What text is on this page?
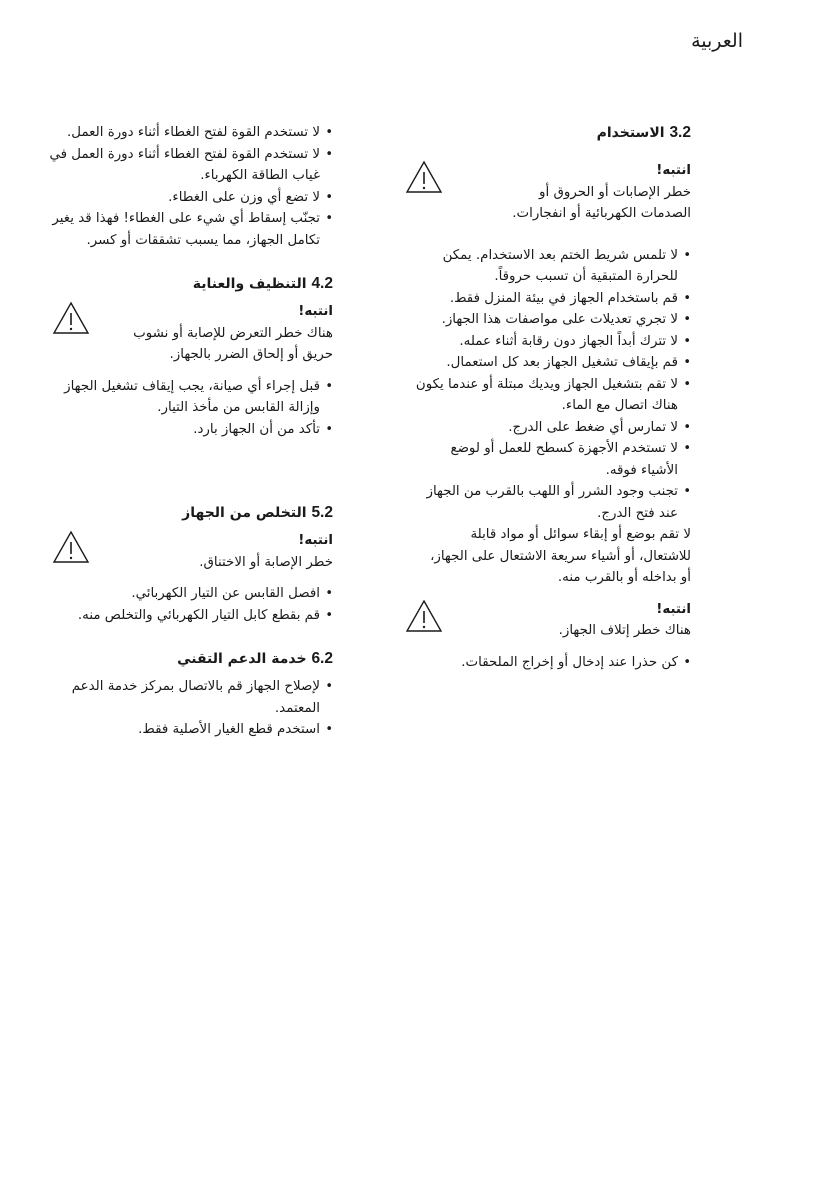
العربية
3.2 الاستخدام
انتبه!
خطر الإصابات أو الحروق أو
الصدمات الكهربائية أو انفجارات.
• لا تلمس شريط الختم بعد الاستخدام. يمكن
للحرارة المتبقية أن تسبب حروقاً.
• قم باستخدام الجهاز في بيئة المنزل فقط.
• لا تجري تعديلات على مواصفات هذا الجهاز.
• لا تترك أبداً الجهاز دون رقابة أثناء عمله.
• قم بإيقاف تشغيل الجهاز بعد كل استعمال.
• لا تقم بتشغيل الجهاز ويديك مبتلة أو عندما يكون
هناك اتصال مع الماء.
• لا تمارس أي ضغط على الدرج.
• لا تستخدم الأجهزة كسطح للعمل أو لوضع
الأشياء فوقه.
• تجنب وجود الشرر أو اللهب بالقرب من الجهاز
عند فتح الدرج.
لا تقم بوضع أو إبقاء سوائل أو مواد قابلة
للاشتعال، أو أشياء سريعة الاشتعال على الجهاز،
أو بداخله أو بالقرب منه.
انتبه!
هناك خطر إتلاف الجهاز.
• كن حذرا عند إدخال أو إخراج الملحقات.
• لا تستخدم القوة لفتح الغطاء أثناء دورة العمل.
• لا تستخدم القوة لفتح الغطاء أثناء دورة العمل في
غياب الطاقة الكهرباء.
• لا تضع أي وزن على الغطاء.
• تجنّب إسقاط أي شيء على الغطاء! فهذا قد يغير
تكامل الجهاز، مما يسبب تشققات أو كسر.
4.2 التنظيف والعناية
انتبه!
هناك خطر التعرض للإصابة أو نشوب
حريق أو إلحاق الضرر بالجهاز.
• قبل إجراء أي صيانة، يجب إيقاف تشغيل الجهاز
وإزالة القابس من مأخذ التيار.
• تأكد من أن الجهاز بارد.
5.2 التخلص من الجهاز
انتبه!
خطر الإصابة أو الاختناق.
• افصل القابس عن التيار الكهربائي.
• قم بقطع كابل التيار الكهربائي والتخلص منه.
6.2 خدمة الدعم التقني
• لإصلاح الجهاز قم بالاتصال بمركز خدمة الدعم
المعتمد.
• استخدم قطع الغيار الأصلية فقط.
